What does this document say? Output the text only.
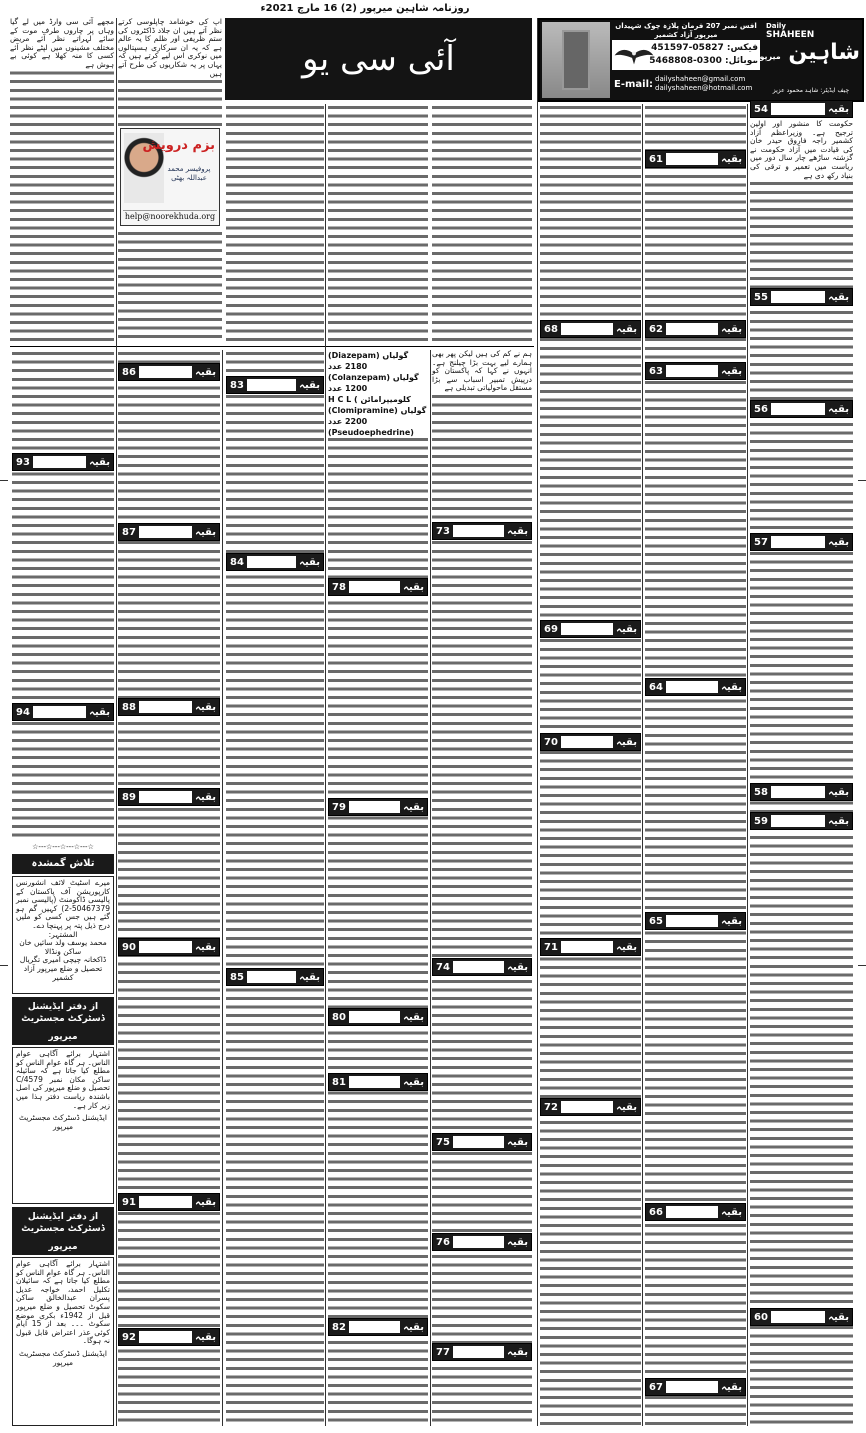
روزنامہ شاہین میرپور (2) 16 مارچ 2021ء
آفس نمبر 207 فرمان پلازہ چوک شہیداں میرپور آزاد کشمیر
فیکس: 05827-451597
موبائل: 0300-5468808
E-mail: dailyshaheen@gmail.com
dailyshaheen@hotmail.com
Daily
SHAHEEN
شاہین میرپور
چیف ایڈیٹر: شاہد محمود عزیز
آئی سی یو
مجھے آئی سی وارڈ میں لے گیا وہاں پر چاروں طرف موت کے سائے لہراتے نظر آئے مریض مختلف مشینوں میں لپٹے نظر آئے کسی کا منہ کھلا ہے کوئی بے ہوش ہے
آپ کی خوشامد چاپلوسی کرتے نظر آتے ہیں ان جلاد ڈاکٹروں کی ستم ظریفی اور ظلم کا یہ عالم ہے کہ یہ ان سرکاری ہسپتالوں میں نوکری اس لیے کرتے ہیں کہ یہاں پر یہ شکاریوں کی طرح آتے ہیں
بزم درویش
پروفیسر محمد عبداللہ بھٹی
help@noorekhuda.org
حکومت کا منشور اور اولین ترجیح ہے۔ وزیراعظم آزاد کشمیر راجہ فاروق حیدر خان کی قیادت میں آزاد حکومت نے گزشتہ ساڑھے چار سال دور میں ریاست میں تعمیر و ترقی کی بنیاد رکھ دی ہے
ہم نے کم کی ہیں لیکن پھر بھی ہمارے لیے بہت بڑا چیلنج ہے۔ انہوں نے کہا کہ پاکستان کو درپیش تمبیر اسباب سے بڑا مستقل ماحولیاتی تبدیلی ہے
(Diazepam) گولیاں 2180 عدد
(Colanzepam) گولیاں 1200 عدد
H C L ( کلومیپرامائن
(Clomipramine) گولیاں 2200 عدد
(Pseudoephedrine)
☆---☆---☆---☆---☆
تلاش گمشدہ
میرے اسٹیٹ لائف انشورنس کارپوریشن آف پاکستان کے پالیسی ڈاکومنٹ (پالیسی نمبر 50467379-2) کہیں گم ہو گئے ہیں جس کسی کو ملیں درج ذیل پتہ پر پہنچا دے۔
المشتہر:
محمد یوسف ولد سائیں خان
ساکن ونڈالا
ڈاکخانہ چیچی امیری تگریال
تحصیل و ضلع میرپور آزاد کشمیر
از دفتر ایڈیشنل ڈسٹرکٹ مجسٹریٹ
میرپور
اشتہار برائے آگاہی عوام الناس۔ ہر گاہ عوام الناس کو مطلع کیا جاتا ہے کہ سائیلہ ساکن مکان نمبر C/4579 تحصیل و ضلع میرپور کی اصل باشندہ ریاست دفتر ہذا میں زیر کار ہے۔
ایڈیشنل ڈسٹرکٹ مجسٹریٹ میرپور
از دفتر ایڈیشنل ڈسٹرکٹ مجسٹریٹ
میرپور
اشتہار برائے آگاہی عوام الناس۔ ہر گاہ عوام الناس کو مطلع کیا جاتا ہے کہ سائیلان تکلیل احمد، خواجہ عدیل پسران عبدالخالق ساکن سکوٹ تحصیل و ضلع میرپور قبل از 1942ء بکری موضع سکوٹ ۔۔۔ بعد از 15 ایام کوئی عذر اعتراض قابل قبول نہ ہوگا۔
ایڈیشنل ڈسٹرکٹ مجسٹریٹ میرپور
54	بقیہ
55	بقیہ
56	بقیہ
57	بقیہ
58	بقیہ
59	بقیہ
60	بقیہ
61	بقیہ
62	بقیہ
63	بقیہ
64	بقیہ
65	بقیہ
66	بقیہ
67	بقیہ
68	بقیہ
69	بقیہ
70	بقیہ
71	بقیہ
72	بقیہ
73	بقیہ
74	بقیہ
75	بقیہ
76	بقیہ
77	بقیہ
78	بقیہ
79	بقیہ
80	بقیہ
81	بقیہ
82	بقیہ
83	بقیہ
84	بقیہ
85	بقیہ
86	بقیہ
87	بقیہ
88	بقیہ
89	بقیہ
90	بقیہ
91	بقیہ
92	بقیہ
93	بقیہ
94	بقیہ
